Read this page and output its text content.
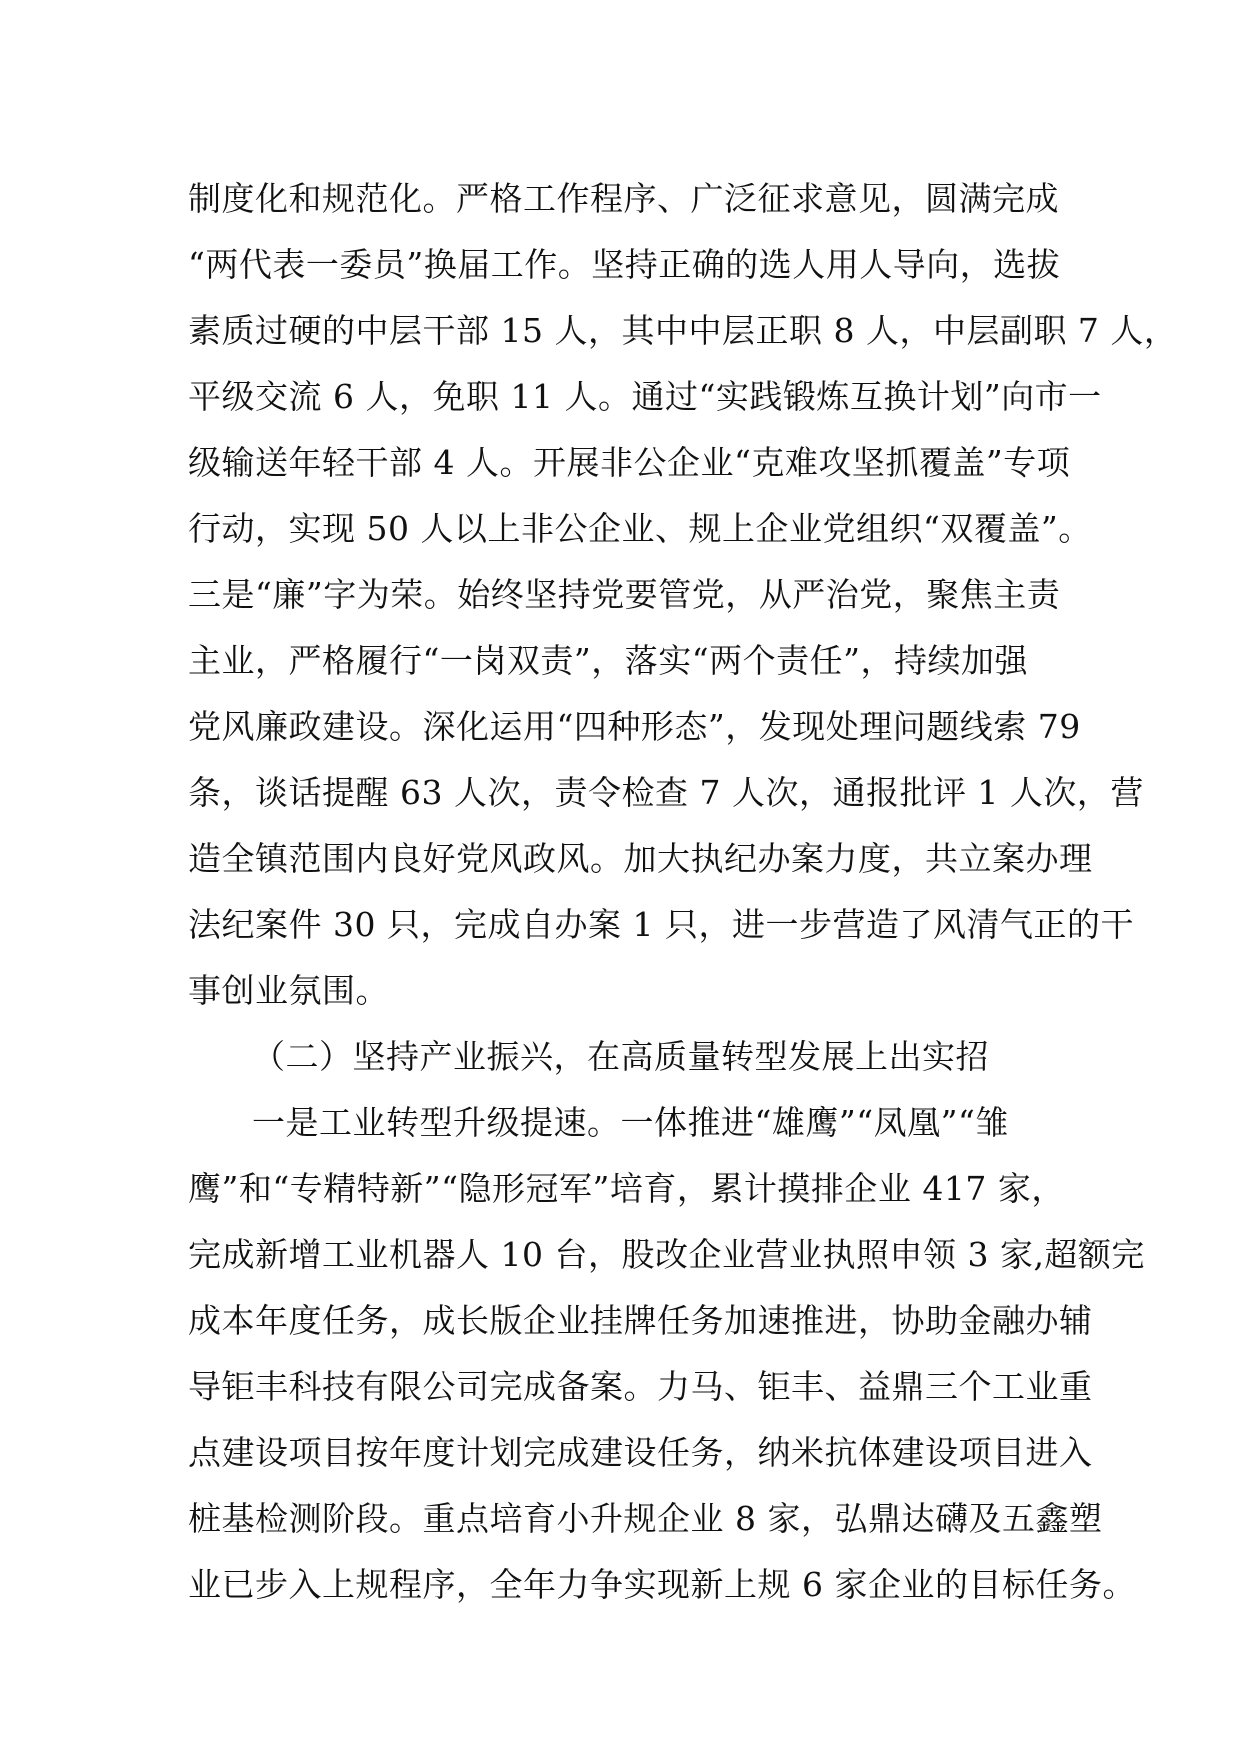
制度化和规范化。严格工作程序、广泛征求意见，圆满完成
“两代表一委员”换届工作。坚持正确的选人用人导向，选拔
素质过硬的中层干部 15 人，其中中层正职 8 人，中层副职 7 人，
平级交流 6 人，免职 11 人。通过“实践锻炼互换计划”向市一
级输送年轻干部 4 人。开展非公企业“克难攻坚抓覆盖”专项
行动，实现 50 人以上非公企业、规上企业党组织“双覆盖”。
三是“廉”字为荣。始终坚持党要管党，从严治党，聚焦主责
主业，严格履行“一岗双责”，落实“两个责任”，持续加强
党风廉政建设。深化运用“四种形态”，发现处理问题线索 79
条，谈话提醒 63 人次，责令检查 7 人次，通报批评 1 人次，营
造全镇范围内良好党风政风。加大执纪办案力度，共立案办理
法纪案件 30 只，完成自办案 1 只，进一步营造了风清气正的干
事创业氛围。
（二）坚持产业振兴，在高质量转型发展上出实招
一是工业转型升级提速。一体推进“雄鹰”“凤凰”“雏
鹰”和“专精特新”“隐形冠军”培育，累计摸排企业 417 家，
完成新增工业机器人 10 台，股改企业营业执照申领 3 家,超额完
成本年度任务，成长版企业挂牌任务加速推进，协助金融办辅
导钜丰科技有限公司完成备案。力马、钜丰、益鼎三个工业重
点建设项目按年度计划完成建设任务，纳米抗体建设项目进入
桩基检测阶段。重点培育小升规企业 8 家，弘鼎达礴及五鑫塑
业已步入上规程序，全年力争实现新上规 6 家企业的目标任务。
